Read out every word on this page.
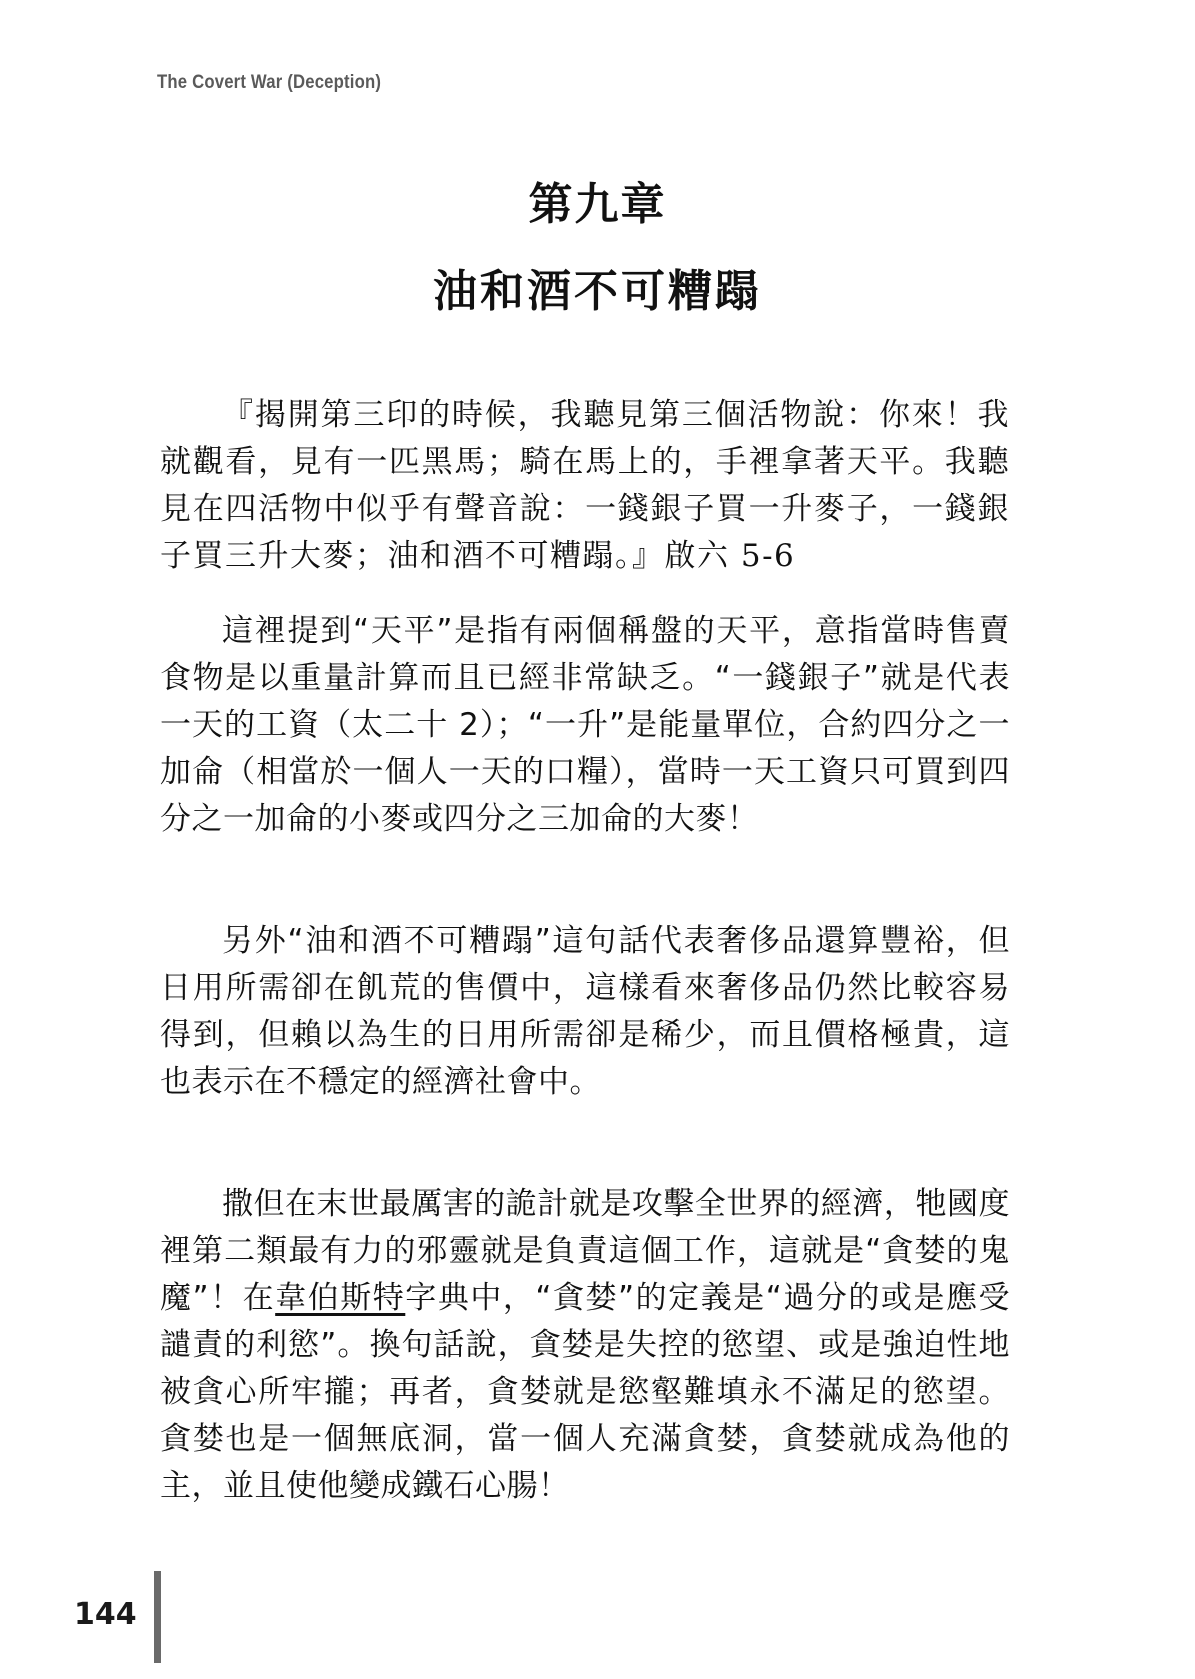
The Covert War (Deception)
第九章
油和酒不可糟蹋

『揭開第三印的時候，我聽見第三個活物說：你來！我就觀看，見有一匹黑馬；騎在馬上的，手裡拿著天平。我聽見在四活物中似乎有聲音說：一錢銀子買一升麥子，一錢銀子買三升大麥；油和酒不可糟蹋。』啟六 5-6

這裡提到“天平”是指有兩個稱盤的天平，意指當時售賣食物是以重量計算而且已經非常缺乏。“一錢銀子”就是代表一天的工資（太二十 2）；“一升”是能量單位，合約四分之一加侖（相當於一個人一天的口糧），當時一天工資只可買到四分之一加侖的小麥或四分之三加侖的大麥！

另外“油和酒不可糟蹋”這句話代表奢侈品還算豐裕，但日用所需卻在飢荒的售價中，這樣看來奢侈品仍然比較容易得到，但賴以為生的日用所需卻是稀少，而且價格極貴，這也表示在不穩定的經濟社會中。

撒但在末世最厲害的詭計就是攻擊全世界的經濟，牠國度裡第二類最有力的邪靈就是負責這個工作，這就是“貪婪的鬼魔”！在韋伯斯特字典中，“貪婪”的定義是“過分的或是應受譴責的利慾”。換句話說，貪婪是失控的慾望、或是強迫性地被貪心所牢攏；再者，貪婪就是慾壑難填永不滿足的慾望。貪婪也是一個無底洞，當一個人充滿貪婪，貪婪就成為他的主，並且使他變成鐵石心腸！

144
